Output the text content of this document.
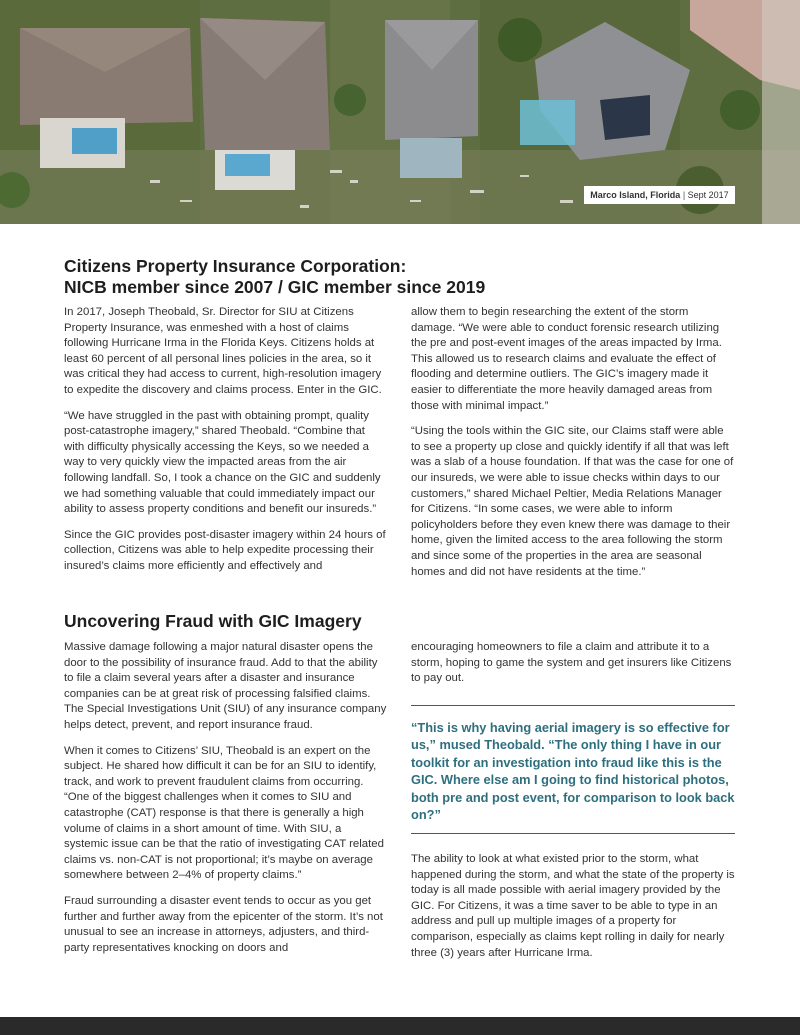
Marco Island, Florida | Sept 2017
Citizens Property Insurance Corporation:
NICB member since 2007 / GIC member since 2019

In 2017, Joseph Theobald, Sr. Director for SIU at Citizens Property Insurance, was enmeshed with a host of claims following Hurricane Irma in the Florida Keys. Citizens holds at least 60 percent of all personal lines policies in the area, so it was critical they had access to current, high-resolution imagery to expedite the discovery and claims process. Enter in the GIC.

“We have struggled in the past with obtaining prompt, quality post-catastrophe imagery,” shared Theobald. “Combine that with difficulty physically accessing the Keys, so we needed a way to very quickly view the impacted areas from the air following landfall. So, I took a chance on the GIC and suddenly we had something valuable that could immediately impact our ability to assess property conditions and benefit our insureds.”

Since the GIC provides post-disaster imagery within 24 hours of collection, Citizens was able to help expedite processing their insured’s claims more efficiently and effectively and

allow them to begin researching the extent of the storm damage. “We were able to conduct forensic research utilizing the pre and post-event images of the areas impacted by Irma. This allowed us to research claims and evaluate the effect of flooding and determine outliers. The GIC’s imagery made it easier to differentiate the more heavily damaged areas from those with minimal impact.”

“Using the tools within the GIC site, our Claims staff were able to see a property up close and quickly identify if all that was left was a slab of a house foundation. If that was the case for one of our insureds, we were able to issue checks within days to our customers,” shared Michael Peltier, Media Relations Manager for Citizens. “In some cases, we were able to inform policyholders before they even knew there was damage to their home, given the limited access to the area following the storm and since some of the properties in the area are seasonal homes and did not have residents at the time.”

Uncovering Fraud with GIC Imagery

Massive damage following a major natural disaster opens the door to the possibility of insurance fraud. Add to that the ability to file a claim several years after a disaster and insurance companies can be at great risk of processing falsified claims. The Special Investigations Unit (SIU) of any insurance company helps detect, prevent, and report insurance fraud.

When it comes to Citizens’ SIU, Theobald is an expert on the subject. He shared how difficult it can be for an SIU to identify, track, and work to prevent fraudulent claims from occurring. “One of the biggest challenges when it comes to SIU and catastrophe (CAT) response is that there is generally a high volume of claims in a short amount of time. With SIU, a systemic issue can be that the ratio of investigating CAT related claims vs. non-CAT is not proportional; it’s maybe on average somewhere between 2–4% of property claims.”

Fraud surrounding a disaster event tends to occur as you get further and further away from the epicenter of the storm. It’s not unusual to see an increase in attorneys, adjusters, and third-party representatives knocking on doors and

encouraging homeowners to file a claim and attribute it to a storm, hoping to game the system and get insurers like Citizens to pay out.

“This is why having aerial imagery is so effective for us,” mused Theobald. “The only thing I have in our toolkit for an investigation into fraud like this is the GIC. Where else am I going to find historical photos, both pre and post event, for comparison to look back on?”

The ability to look at what existed prior to the storm, what happened during the storm, and what the state of the property is today is all made possible with aerial imagery provided by the GIC. For Citizens, it was a time saver to be able to type in an address and pull up multiple images of a property for comparison, especially as claims kept rolling in daily for nearly three (3) years after Hurricane Irma.
